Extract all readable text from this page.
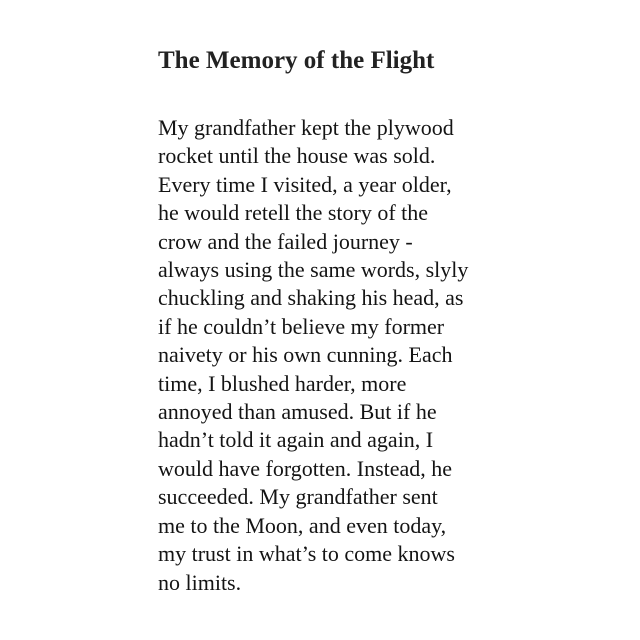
The Memory of the Flight

My grandfather kept the plywood
rocket until the house was sold.
Every time I visited, a year older,
he would retell the story of the
crow and the failed journey -
always using the same words, slyly
chuckling and shaking his head, as
if he couldn’t believe my former
naivety or his own cunning. Each
time, I blushed harder, more
annoyed than amused. But if he
hadn’t told it again and again, I
would have forgotten. Instead, he
succeeded. My grandfather sent
me to the Moon, and even today,
my trust in what’s to come knows
no limits.
